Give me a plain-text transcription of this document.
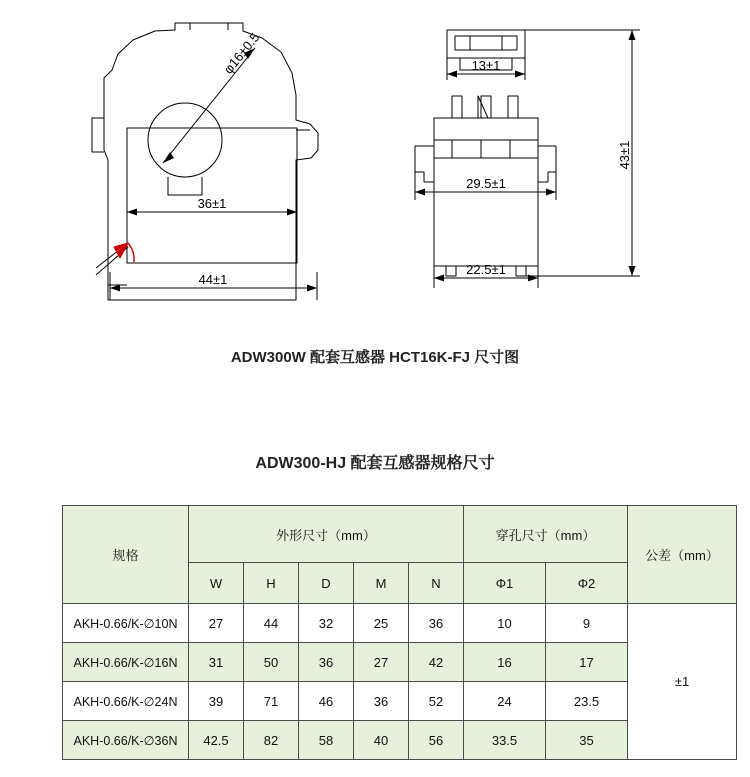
φ16±0.5
36±1
44±1
13±1
29.5±1
22.5±1
43±1
ADW300W 配套互感器 HCT16K-FJ 尺寸图
ADW300-HJ 配套互感器规格尺寸
规格	外形尺寸（mm）					穿孔尺寸（mm）		公差（mm）
	W	H	D	M	N	Φ1	Φ2	
AKH-0.66/K-∅10N	27	44	32	25	36	10	9	±1
AKH-0.66/K-∅16N	31	50	36	27	42	16	17	
AKH-0.66/K-∅24N	39	71	46	36	52	24	23.5	
AKH-0.66/K-∅36N	42.5	82	58	40	56	33.5	35	
